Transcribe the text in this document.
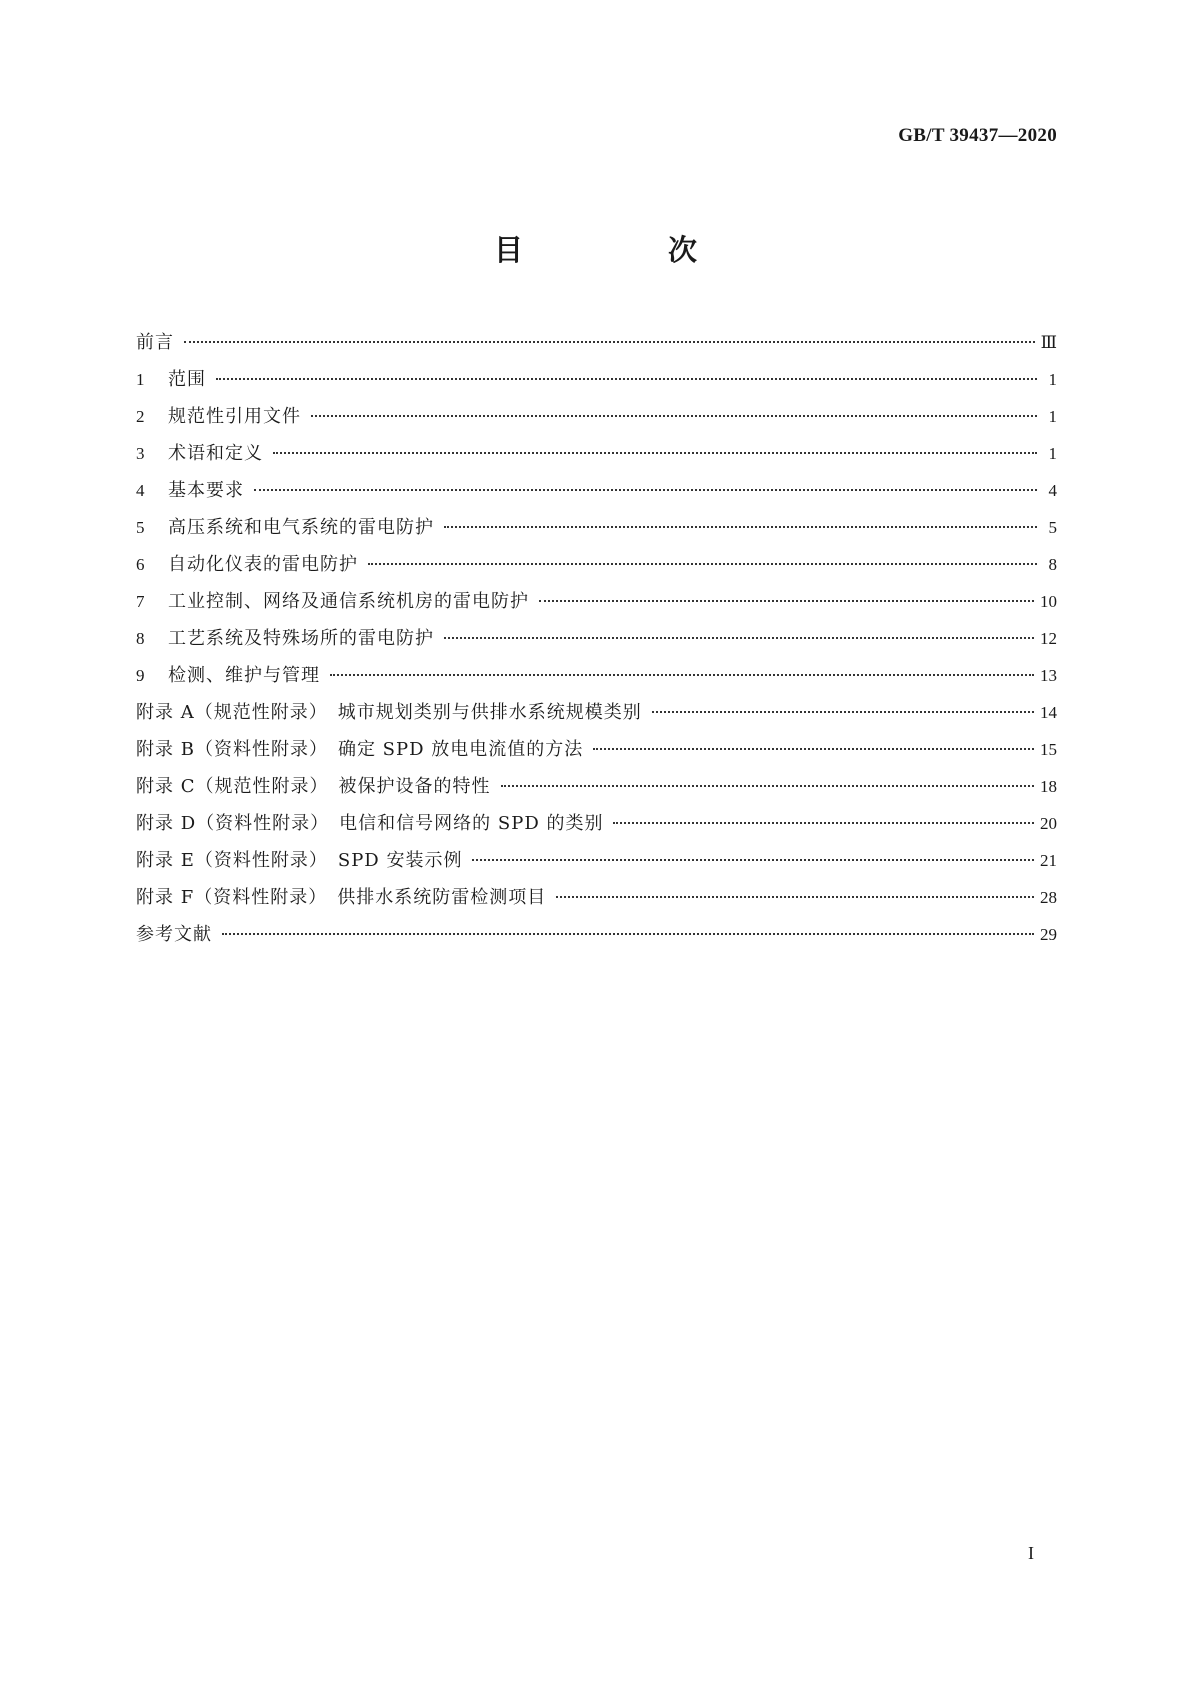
GB/T 39437—2020
目　次
前言	Ⅲ
1	范围	1
2	规范性引用文件	1
3	术语和定义	1
4	基本要求	4
5	高压系统和电气系统的雷电防护	5
6	自动化仪表的雷电防护	8
7	工业控制、网络及通信系统机房的雷电防护	10
8	工艺系统及特殊场所的雷电防护	12
9	检测、维护与管理	13
附录 A（规范性附录）　城市规划类别与供排水系统规模类别	14
附录 B（资料性附录）　确定 SPD 放电电流值的方法	15
附录 C（规范性附录）　被保护设备的特性	18
附录 D（资料性附录）　电信和信号网络的 SPD 的类别	20
附录 E（资料性附录）　SPD 安装示例	21
附录 F（资料性附录）　供排水系统防雷检测项目	28
参考文献	29
I
